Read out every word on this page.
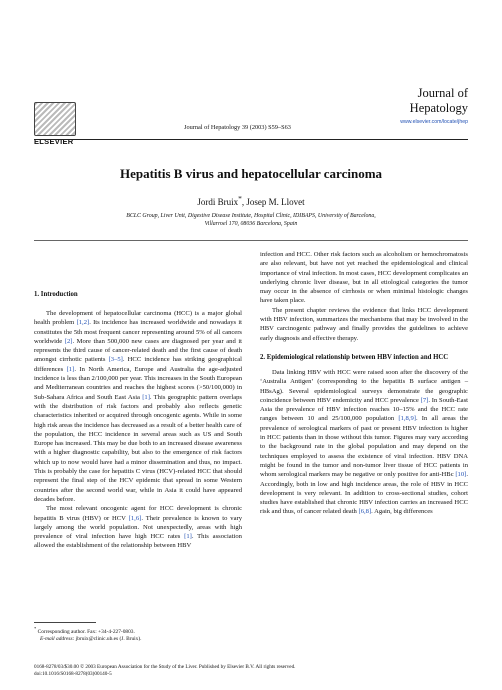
ELSEVIER
Journal of Hepatology 39 (2003) S59–S63
Journal of
Hepatology
www.elsevier.com/locate/jhep
Hepatitis B virus and hepatocellular carcinoma
Jordi Bruix*, Josep M. Llovet
BCLC Group, Liver Unit, Digestive Disease Institute, Hospital Clinic, IDIBAPS, University of Barcelona,
Villarroel 170, 08036 Barcelona, Spain
1. Introduction

The development of hepatocellular carcinoma (HCC) is a major global health problem [1,2]. Its incidence has increased worldwide and nowadays it constitutes the 5th most frequent cancer representing around 5% of all cancers worldwide [2]. More than 500,000 new cases are diagnosed per year and it represents the third cause of cancer-related death and the first cause of death amongst cirrhotic patients [3–5]. HCC incidence has striking geographical differences [1]. In North America, Europe and Australia the age-adjusted incidence is less than 2/100,000 per year. This increases in the South European and Mediterranean countries and reaches the highest scores (>50/100,000) in Sub-Sahara Africa and South East Asia [1]. This geographic pattern overlaps with the distribution of risk factors and probably also reflects genetic characteristics inherited or acquired through oncogenic agents. While in some high risk areas the incidence has decreased as a result of a better health care of the population, the HCC incidence in several areas such as US and South Europe has increased. This may be due both to an increased disease awareness with a higher diagnostic capability, but also to the emergence of risk factors which up to now would have had a minor dissemination and thus, no impact. This is probably the case for hepatitis C virus (HCV)-related HCC that should represent the final step of the HCV epidemic that spread in some Western countries after the second world war, while in Asia it could have appeared decades before.

The most relevant oncogenic agent for HCC development is chronic hepatitis B virus (HBV) or HCV [1,6]. Their prevalence is known to vary largely among the world population. Not unexpectedly, areas with high prevalence of viral infection have high HCC rates [1]. This association allowed the establishment of the relationship between HBV

infection and HCC. Other risk factors such as alcoholism or hemochromatosis are also relevant, but have not yet reached the epidemiological and clinical importance of viral infection. In most cases, HCC development complicates an underlying chronic liver disease, but in all etiological categories the tumor may occur in the absence of cirrhosis or when minimal histologic changes have taken place.

The present chapter reviews the evidence that links HCC development with HBV infection, summarizes the mechanisms that may be involved in the HBV carcinogenic pathway and finally provides the guidelines to achieve early diagnosis and effective therapy.

2. Epidemiological relationship between HBV infection and HCC

Data linking HBV with HCC were raised soon after the discovery of the ‘Australia Antigen’ (corresponding to the hepatitis B surface antigen – HBsAg). Several epidemiological surveys demonstrate the geographic coincidence between HBV endemicity and HCC prevalence [7]. In South-East Asia the prevalence of HBV infection reaches 10–15% and the HCC rate ranges between 10 and 25/100,000 population [1,8,9]. In all areas the prevalence of serological markers of past or present HBV infection is higher in HCC patients than in those without this tumor. Figures may vary according to the background rate in the global population and may depend on the techniques employed to assess the existence of viral infection. HBV DNA might be found in the tumor and non-tumor liver tissue of HCC patients in whom serological markers may be negative or only positive for anti-HBc [10]. Accordingly, both in low and high incidence areas, the role of HBV in HCC development is very relevant. In addition to cross-sectional studies, cohort studies have established that chronic HBV infection carries an increased HCC risk and thus, of cancer related death [6,8]. Again, big differences

* Corresponding author. Fax: +34-4-227-0803.
E-mail address: jbruix@clinic.ub.es (J. Bruix).
0168-8278/03/$30.00 © 2003 European Association for the Study of the Liver. Published by Elsevier B.V. All rights reserved.
doi:10.1016/S0168-8278(03)00140-5
